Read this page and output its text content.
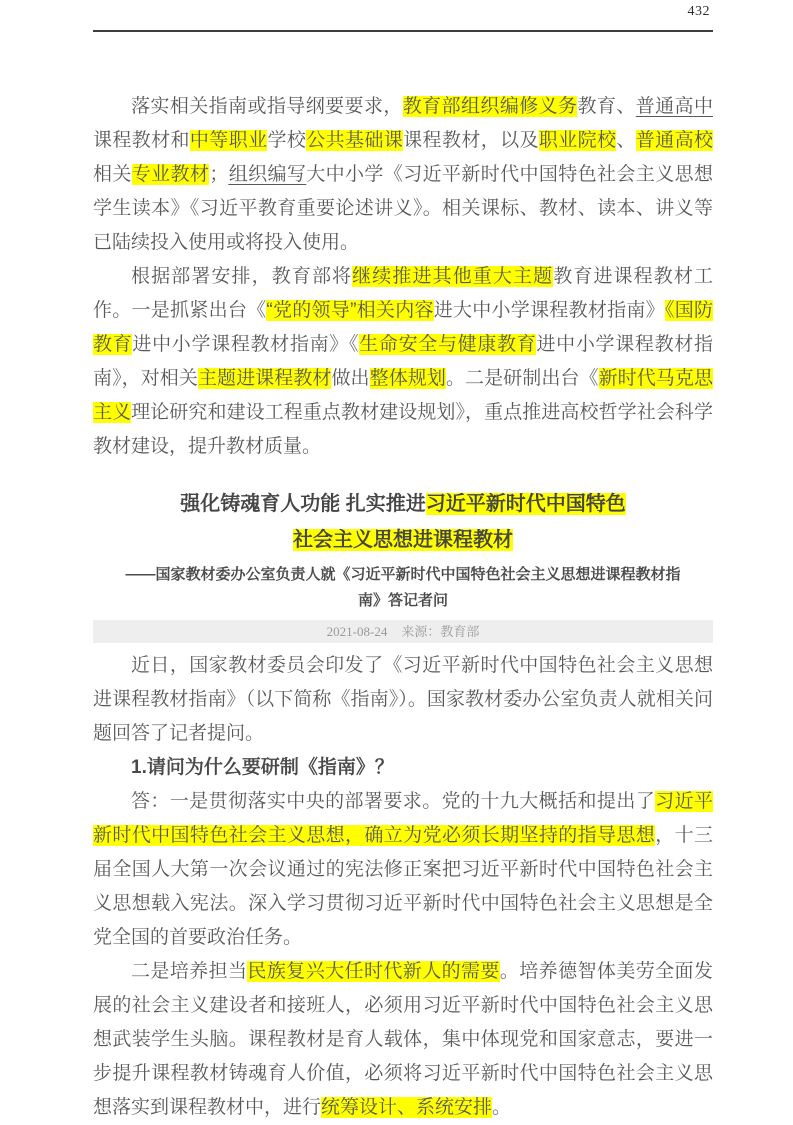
432

落实相关指南或指导纲要要求，教育部组织编修义务教育、普通高中课程教材和中等职业学校公共基础课课程教材，以及职业院校、普通高校相关专业教材；组织编写大中小学《习近平新时代中国特色社会主义思想学生读本》《习近平教育重要论述讲义》。相关课标、教材、读本、讲义等已陆续投入使用或将投入使用。

根据部署安排，教育部将继续推进其他重大主题教育进课程教材工作。一是抓紧出台《“党的领导”相关内容进大中小学课程教材指南》《国防教育进中小学课程教材指南》《生命安全与健康教育进中小学课程教材指南》，对相关主题进课程教材做出整体规划。二是研制出台《新时代马克思主义理论研究和建设工程重点教材建设规划》，重点推进高校哲学社会科学教材建设，提升教材质量。

强化铸魂育人功能 扎实推进习近平新时代中国特色
社会主义思想进课程教材
——国家教材委办公室负责人就《习近平新时代中国特色社会主义思想进课程教材指
南》答记者问
2021-08-24 来源：教育部

近日，国家教材委员会印发了《习近平新时代中国特色社会主义思想进课程教材指南》（以下简称《指南》）。国家教材委办公室负责人就相关问题回答了记者提问。

1.请问为什么要研制《指南》？

答：一是贯彻落实中央的部署要求。党的十九大概括和提出了习近平新时代中国特色社会主义思想，确立为党必须长期坚持的指导思想，十三届全国人大第一次会议通过的宪法修正案把习近平新时代中国特色社会主义思想载入宪法。深入学习贯彻习近平新时代中国特色社会主义思想是全党全国的首要政治任务。

二是培养担当民族复兴大任时代新人的需要。培养德智体美劳全面发展的社会主义建设者和接班人，必须用习近平新时代中国特色社会主义思想武装学生头脑。课程教材是育人载体，集中体现党和国家意志，要进一步提升课程教材铸魂育人价值，必须将习近平新时代中国特色社会主义思想落实到课程教材中，进行统筹设计、系统安排。
